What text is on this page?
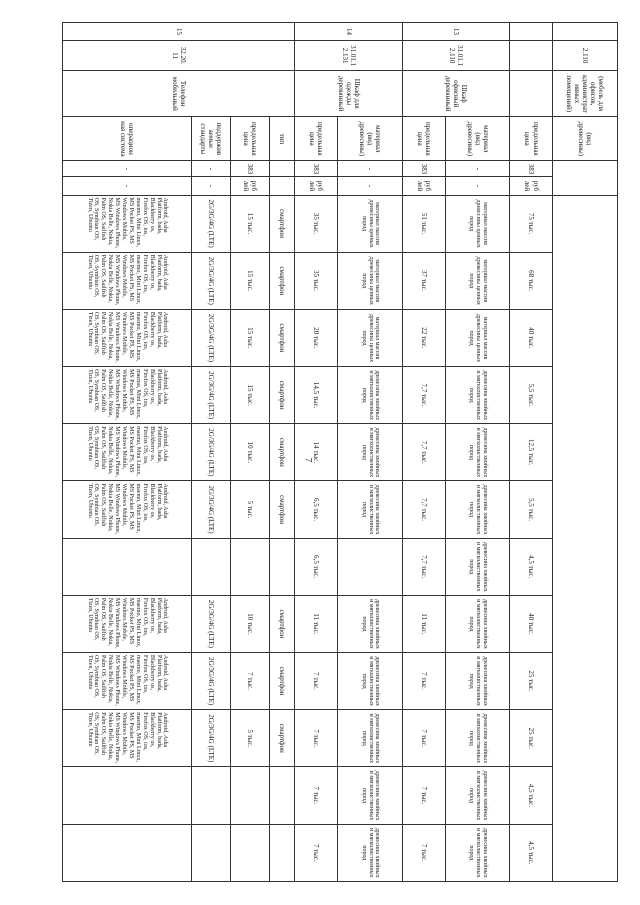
7
	2.110	(мебель для офисов, административных помещений)	(вид древесины)														
			предельная цена	383	рублей	75 тыс.	68 тыс.	40 тыс.	5,5 тыс.	12,5 тыс.	5,5 тыс.	4,5 тыс.	40 тыс.	25 тыс.	25 тыс.	4,5 тыс.	4,5 тыс.
13	31.01.1 2.110	Шкаф офисный деревянный	материал (вид древесины)	-	-	материал массив древесины ценных пород	материал массив древесины ценных пород	материал массив древесины ценных пород	древесина хвойных и мягколиственных пород	древесина хвойных и мягколиственных пород	древесина хвойных и мягколиственных пород	древесина хвойных и мягколиственных пород	древесина хвойных и мягколиственных пород	древесина хвойных и мягколиственных пород	древесина хвойных и мягколиственных пород	древесина хвойных и мягколиственных пород	древесина хвойных и мягколиственных пород
			предельная цена	383	рублей	51 тыс.	37 тыс.	22 тыс.	7,7 тыс.	7,7 тыс.	7,7 тыс.	7,7 тыс.	11 тыс.	7 тыс.	7 тыс.	7 тыс.	7 тыс.
14	31.01.1 2.131	Шкаф для одежды деревянный	материал (вид древесины)	-	-	материал массив древесины ценных пород	материал массив древесины ценных пород	материал массив древесины ценных пород	древесина хвойных и мягколиственных пород	древесина хвойных и мягколиственных пород	древесина хвойных и мягколиственных пород		древесина хвойных и мягколиственных пород	древесина хвойных и мягколиственных пород	древесина хвойных и мягколиственных пород	древесина хвойных и мягколиственных пород	древесина хвойных и мягколиственных пород
			предельная цена	383	рублей	35 тыс.	35 тыс.	20 тыс.	14,5 тыс.	14 тыс.	6,5 тыс.	6,5 тыс.	11 тыс.	7 тыс.	7 тыс.	7 тыс.	7 тыс.
15	32.20. 11	Телефон мобильный	тип			смартфон	смартфон	смартфон	смартфон	смартфон	смартфон		смартфон	смартфон	смартфон		
			предельная цена	383	рублей	15 тыс.	15 тыс.	15 тыс.	15 тыс.	10 тыс.	5 тыс.		10 тыс.	7 тыс.	5 тыс.		
			поддержив аемые стандарты	-	-	2G/3G/4G (LTE)	2G/3G/4G (LTE)	2G/3G/4G (LTE)	2G/3G/4G (LTE)	2G/3G/4G (LTE)	2G/3G/4G (LTE)		2G/3G/4G (LTE)	2G/3G/4G (LTE)	2G/3G/4G (LTE)		
			операцион ная система	-	-	Android, Asha Platform, bada, Blackberry os, Firefox OS, ios, maemo, Mini Linux, MS Pocket PS, MS Windows Mobile, MS Windows Phone, Nokia Belle, Nokia, Palm OS, Sailfish OS, Symbian OS, Tizen, Ubuntu	Android, Asha Platform, bada, Blackberry os, Firefox OS, ios, maemo, Mini Linux, MS Pocket PS, MS Windows Mobile, MS Windows Phone, Nokia Belle, Nokia, Palm OS, Sailfish OS, Symbian OS, Tizen, Ubuntu	Android, Asha Platform, bada, Blackberry os, Firefox OS, ios, maemo, Mini Linux, MS Pocket PS, MS Windows Mobile, MS Windows Phone, Nokia Belle, Nokia, Palm OS, Sailfish OS, Symbian OS, Tizen, Ubuntu	Android, Asha Platform, bada, Blackberry os, Firefox OS, ios, maemo, Mini Linux, MS Pocket PS, MS Windows Mobile, MS Windows Phone, Nokia Belle, Nokia, Palm OS, Sailfish OS, Symbian OS, Tizen, Ubuntu	Android, Asha Platform, bada, Blackberry os, Firefox OS, ios, maemo, Mini Linux, MS Pocket PS, MS Windows Mobile, MS Windows Phone, Nokia Belle, Nokia, Palm OS, Sailfish OS, Symbian OS, Tizen, Ubuntu	Android, Asha Platform, bada, Blackberry os, Firefox OS, ios, maemo, Mini Linux, MS Pocket PS, MS Windows Mobile, MS Windows Phone, Nokia Belle, Nokia, Palm OS, Sailfish OS, Symbian OS, Tizen, Ubuntu		Android, Asha Platform, bada, Blackberry os, Firefox OS, ios, maemo, Mini Linux, MS Pocket PS, MS Windows Mobile, MS Windows Phone, Nokia Belle, Nokia, Palm OS, Sailfish OS, Symbian OS, Tizen, Ubuntu	Android, Asha Platform, bada, Blackberry os, Firefox OS, ios, maemo, Mini Linux, MS Pocket PS, MS Windows Mobile, MS Windows Phone, Nokia Belle, Nokia, Palm OS, Sailfish OS, Symbian OS, Tizen, Ubuntu	Android, Asha Platform, bada, Blackberry os, Firefox OS, ios, maemo, Mini Linux, MS Pocket PS, MS Windows Mobile, MS Windows Phone, Nokia Belle, Nokia, Palm OS, Sailfish OS, Symbian OS, Tizen, Ubuntu		
